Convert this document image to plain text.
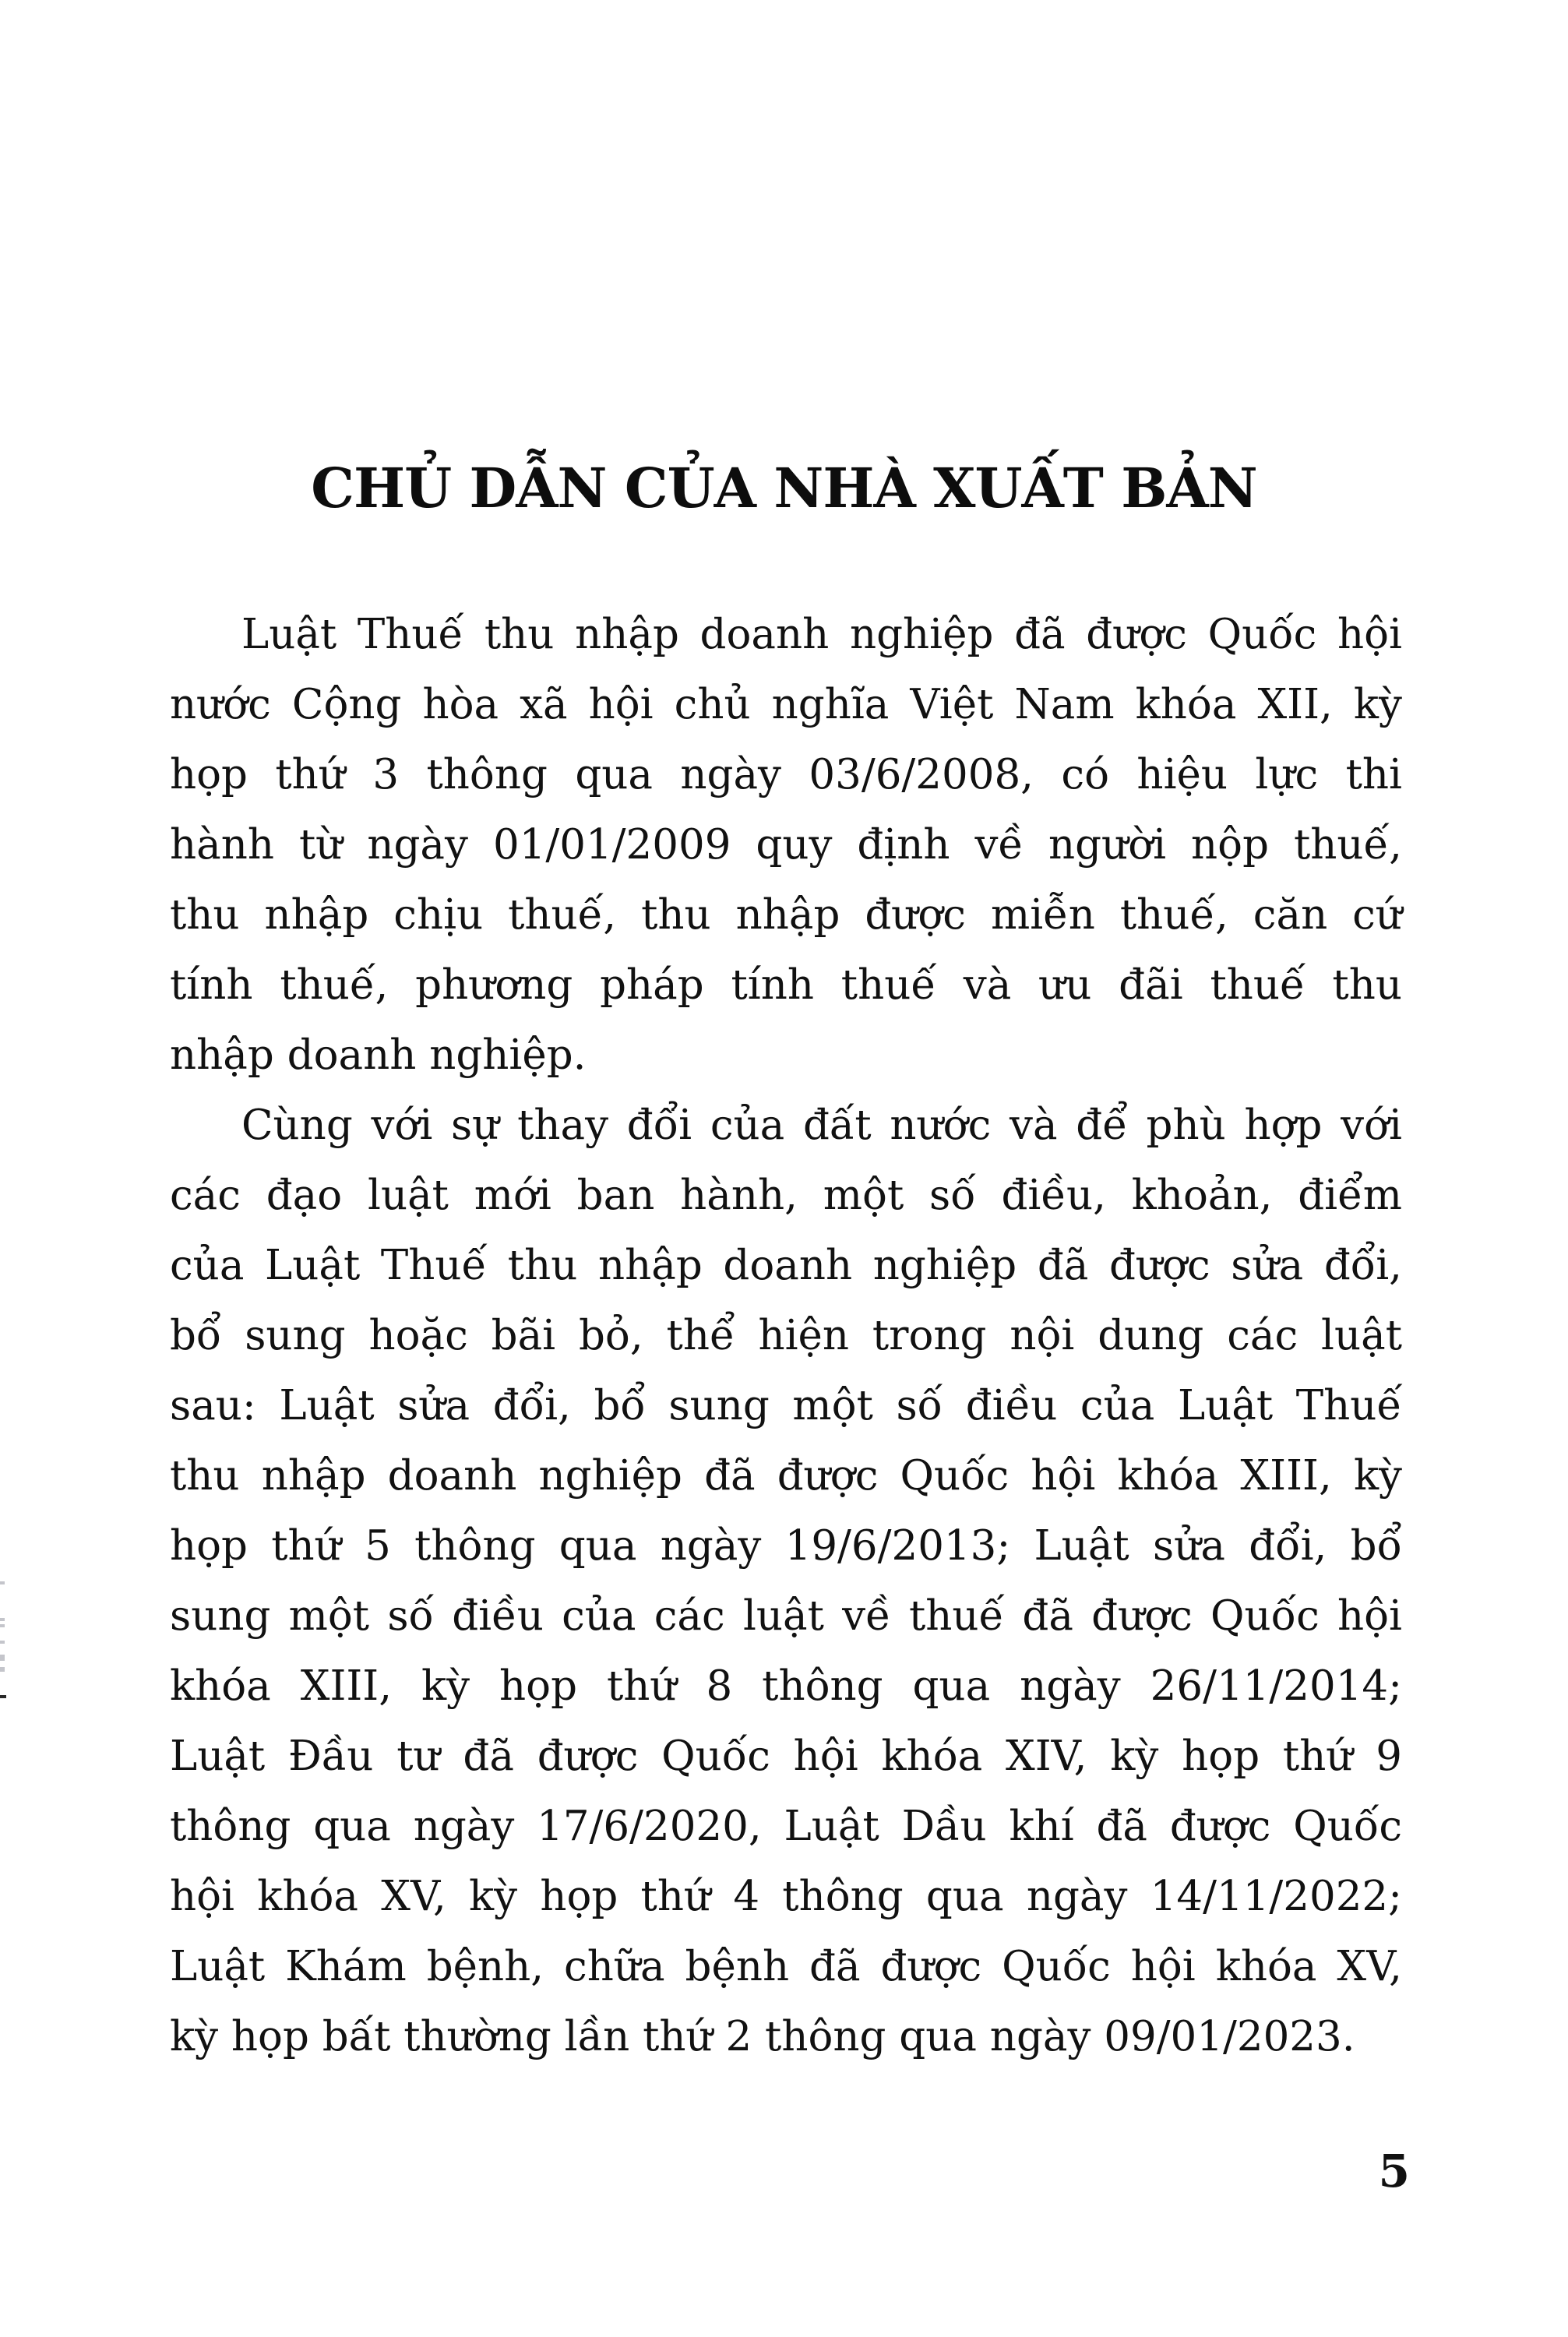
CHỦ DẪN CỦA NHÀ XUẤT BẢN
Luật Thuế thu nhập doanh nghiệp đã được Quốc hội
nước Cộng hòa xã hội chủ nghĩa Việt Nam khóa XII, kỳ
họp thứ 3 thông qua ngày 03/6/2008, có hiệu lực thi
hành từ ngày 01/01/2009 quy định về người nộp thuế,
thu nhập chịu thuế, thu nhập được miễn thuế, căn cứ
tính thuế, phương pháp tính thuế và ưu đãi thuế thu
nhập doanh nghiệp.
Cùng với sự thay đổi của đất nước và để phù hợp với
các đạo luật mới ban hành, một số điều, khoản, điểm
của Luật Thuế thu nhập doanh nghiệp đã được sửa đổi,
bổ sung hoặc bãi bỏ, thể hiện trong nội dung các luật
sau: Luật sửa đổi, bổ sung một số điều của Luật Thuế
thu nhập doanh nghiệp đã được Quốc hội khóa XIII, kỳ
họp thứ 5 thông qua ngày 19/6/2013; Luật sửa đổi, bổ
sung một số điều của các luật về thuế đã được Quốc hội
khóa XIII, kỳ họp thứ 8 thông qua ngày 26/11/2014;
Luật Đầu tư đã được Quốc hội khóa XIV, kỳ họp thứ 9
thông qua ngày 17/6/2020, Luật Dầu khí đã được Quốc
hội khóa XV, kỳ họp thứ 4 thông qua ngày 14/11/2022;
Luật Khám bệnh, chữa bệnh đã được Quốc hội khóa XV,
kỳ họp bất thường lần thứ 2 thông qua ngày 09/01/2023.
5
